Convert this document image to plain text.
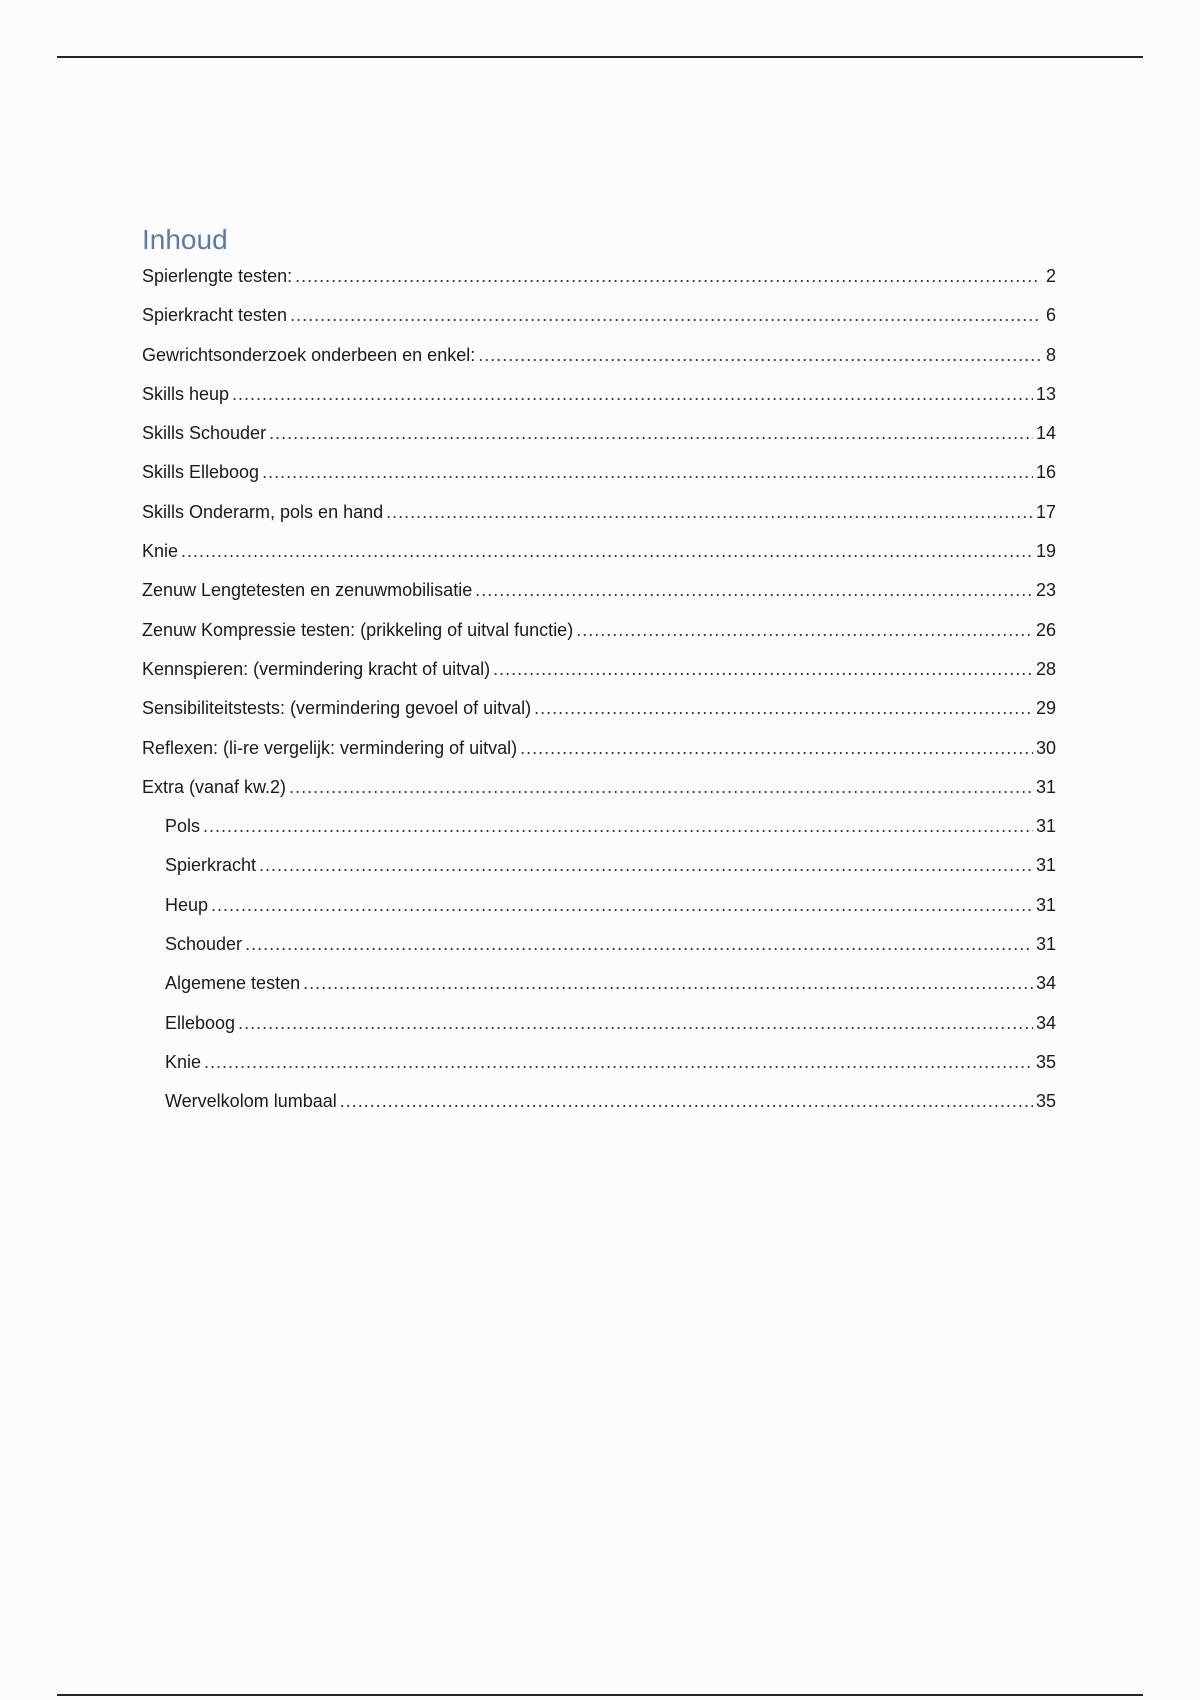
Inhoud
Spierlengte testen: .....	2
Spierkracht testen .....	6
Gewrichtsonderzoek onderbeen en enkel: .....	8
Skills heup .....	13
Skills Schouder .....	14
Skills Elleboog .....	16
Skills Onderarm, pols en hand .....	17
Knie .....	19
Zenuw Lengtetesten en zenuwmobilisatie .....	23
Zenuw Kompressie testen: (prikkeling of uitval functie) .....	26
Kennspieren: (vermindering kracht of uitval) .....	28
Sensibiliteitstests: (vermindering gevoel of uitval) .....	29
Reflexen: (li-re vergelijk: vermindering of uitval) .....	30
Extra (vanaf kw.2) .....	31
Pols .....	31
Spierkracht .....	31
Heup .....	31
Schouder .....	31
Algemene testen .....	34
Elleboog .....	34
Knie .....	35
Wervelkolom lumbaal .....	35
